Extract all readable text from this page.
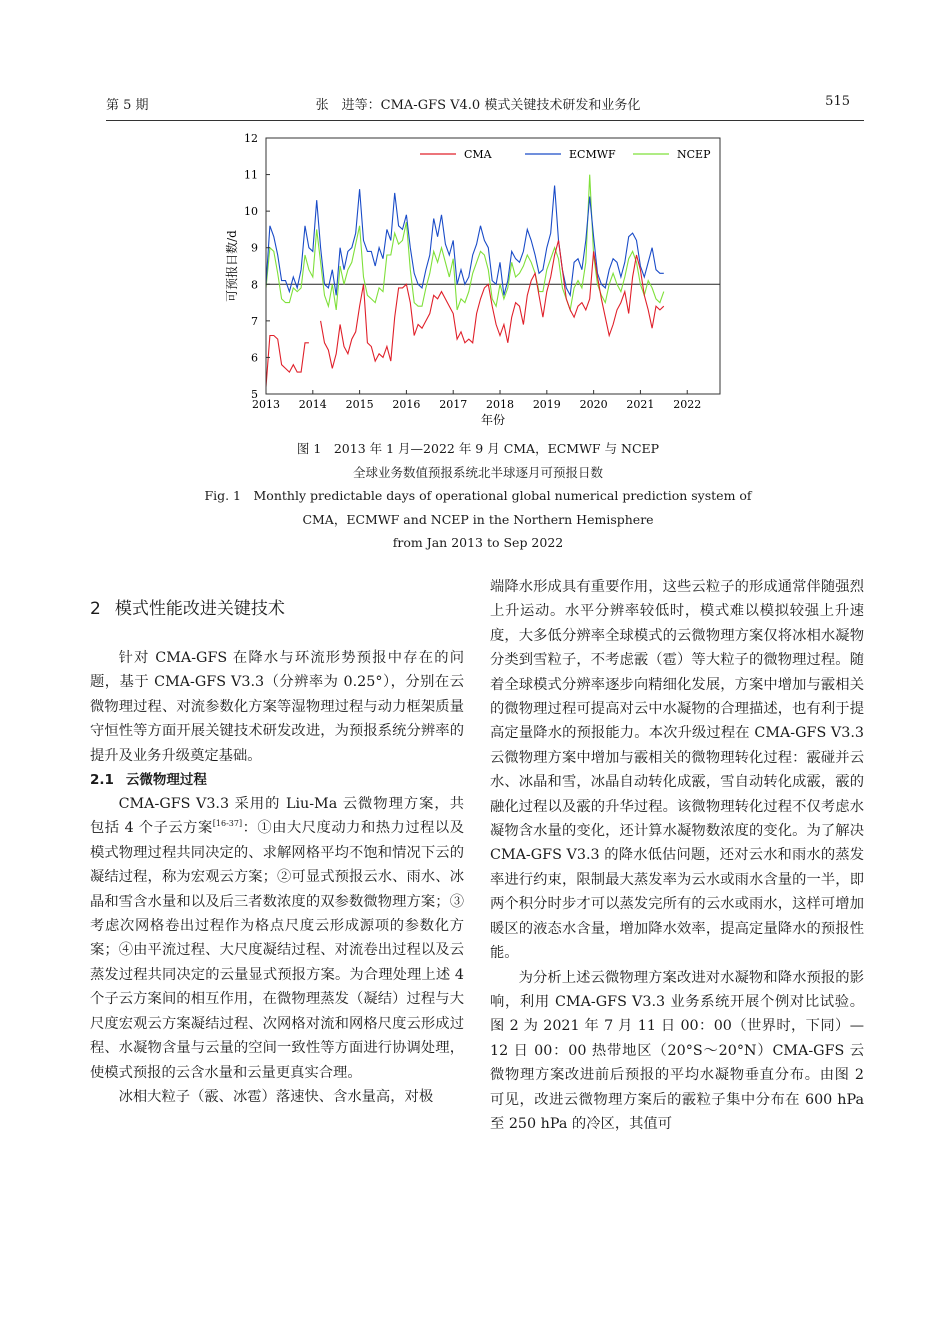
第 5 期	张　进等：CMA-GFS V4.0 模式关键技术研发和业务化	515
5
6
7
8
9
10
11
12
2013 2014 2015 2016 2017 2018 2019 2020 2021 2022
CMA	ECMWF	NCEP
可预报日数/d
年份
图 1　2013 年 1 月—2022 年 9 月 CMA，ECMWF 与 NCEP
全球业务数值预报系统北半球逐月可预报日数
Fig. 1　Monthly predictable days of operational global numerical prediction system of
CMA，ECMWF and NCEP in the Northern Hemisphere
from Jan 2013 to Sep 2022
2 模式性能改进关键技术

针对 CMA-GFS 在降水与环流形势预报中存在的问题，基于 CMA-GFS V3.3（分辨率为 0.25°），分别在云微物理过程、对流参数化方案等湿物理过程与动力框架质量守恒性等方面开展关键技术研发改进，为预报系统分辨率的提升及业务升级奠定基础。

2.1 云微物理过程

CMA-GFS V3.3 采用的 Liu-Ma 云微物理方案，共包括 4 个子云方案[16-37]：①由大尺度动力和热力过程以及模式物理过程共同决定的、求解网格平均不饱和情况下云的凝结过程，称为宏观云方案；②可显式预报云水、雨水、冰晶和雪含水量和以及后三者数浓度的双参数微物理方案；③考虑次网格卷出过程作为格点尺度云形成源项的参数化方案；④由平流过程、大尺度凝结过程、对流卷出过程以及云蒸发过程共同决定的云量显式预报方案。为合理处理上述 4 个子云方案间的相互作用，在微物理蒸发（凝结）过程与大尺度宏观云方案凝结过程、次网格对流和网格尺度云形成过程、水凝物含量与云量的空间一致性等方面进行协调处理，使模式预报的云含水量和云量更真实合理。

冰相大粒子（霰、冰雹）落速快、含水量高，对极

端降水形成具有重要作用，这些云粒子的形成通常伴随强烈上升运动。水平分辨率较低时，模式难以模拟较强上升速度，大多低分辨率全球模式的云微物理方案仅将冰相水凝物分类到雪粒子，不考虑霰（雹）等大粒子的微物理过程。随着全球模式分辨率逐步向精细化发展，方案中增加与霰相关的微物理过程可提高对云中水凝物的合理描述，也有利于提高定量降水的预报能力。本次升级过程在 CMA-GFS V3.3 云微物理方案中增加与霰相关的微物理转化过程：霰碰并云水、冰晶和雪，冰晶自动转化成霰，雪自动转化成霰，霰的融化过程以及霰的升华过程。该微物理转化过程不仅考虑水凝物含水量的变化，还计算水凝物数浓度的变化。为了解决 CMA-GFS V3.3 的降水低估问题，还对云水和雨水的蒸发率进行约束，限制最大蒸发率为云水或雨水含量的一半，即两个积分时步才可以蒸发完所有的云水或雨水，这样可增加暖区的液态水含量，增加降水效率，提高定量降水的预报性能。

为分析上述云微物理方案改进对水凝物和降水预报的影响，利用 CMA-GFS V3.3 业务系统开展个例对比试验。图 2 为 2021 年 7 月 11 日 00：00（世界时，下同）—12 日 00：00 热带地区（20°S～20°N）CMA-GFS 云微物理方案改进前后预报的平均水凝物垂直分布。由图 2 可见，改进云微物理方案后的霰粒子集中分布在 600 hPa 至 250 hPa 的冷区，其值可
